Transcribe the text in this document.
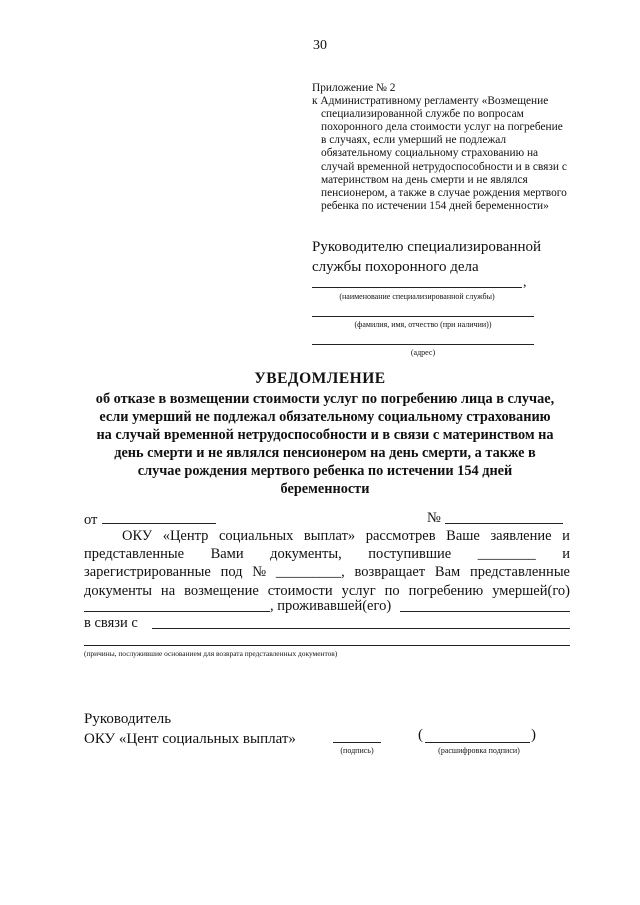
30
Приложение № 2
к Административному регламенту «Возмещение
специализированной службе по вопросам
похоронного дела стоимости услуг на погребение
в случаях, если умерший не подлежал
обязательному социальному страхованию на
случай временной нетрудоспособности и в связи с
материнством на день смерти и не являлся
пенсионером, а также в случае рождения мертвого
ребенка по истечении 154 дней беременности»
Руководителю специализированной
службы похоронного дела
,
(наименование специализированной службы)
(фамилия, имя, отчество (при наличии))
(адрес)
УВЕДОМЛЕНИЕ
об отказе в возмещении стоимости услуг по погребению лица в случае,
если умерший не подлежал обязательному социальному страхованию
на случай временной нетрудоспособности и в связи с материнством на
день смерти и не являлся пенсионером на день смерти, а также в
случае рождения мертвого ребенка по истечении 154 дней
беременности
от	№
ОКУ «Центр социальных выплат» рассмотрев Ваше заявление и
представленные Вами документы, поступившие ________ и
зарегистрированные под № _________, возвращает Вам представленные
документы на возмещение стоимости услуг по погребению умершей(го)
, проживавшей(его)
в связи с
(причины, послужившие основанием для возврата представленных документов)
Руководитель
ОКУ «Цент социальных выплат»
(подпись)
(	)
(расшифровка подписи)
